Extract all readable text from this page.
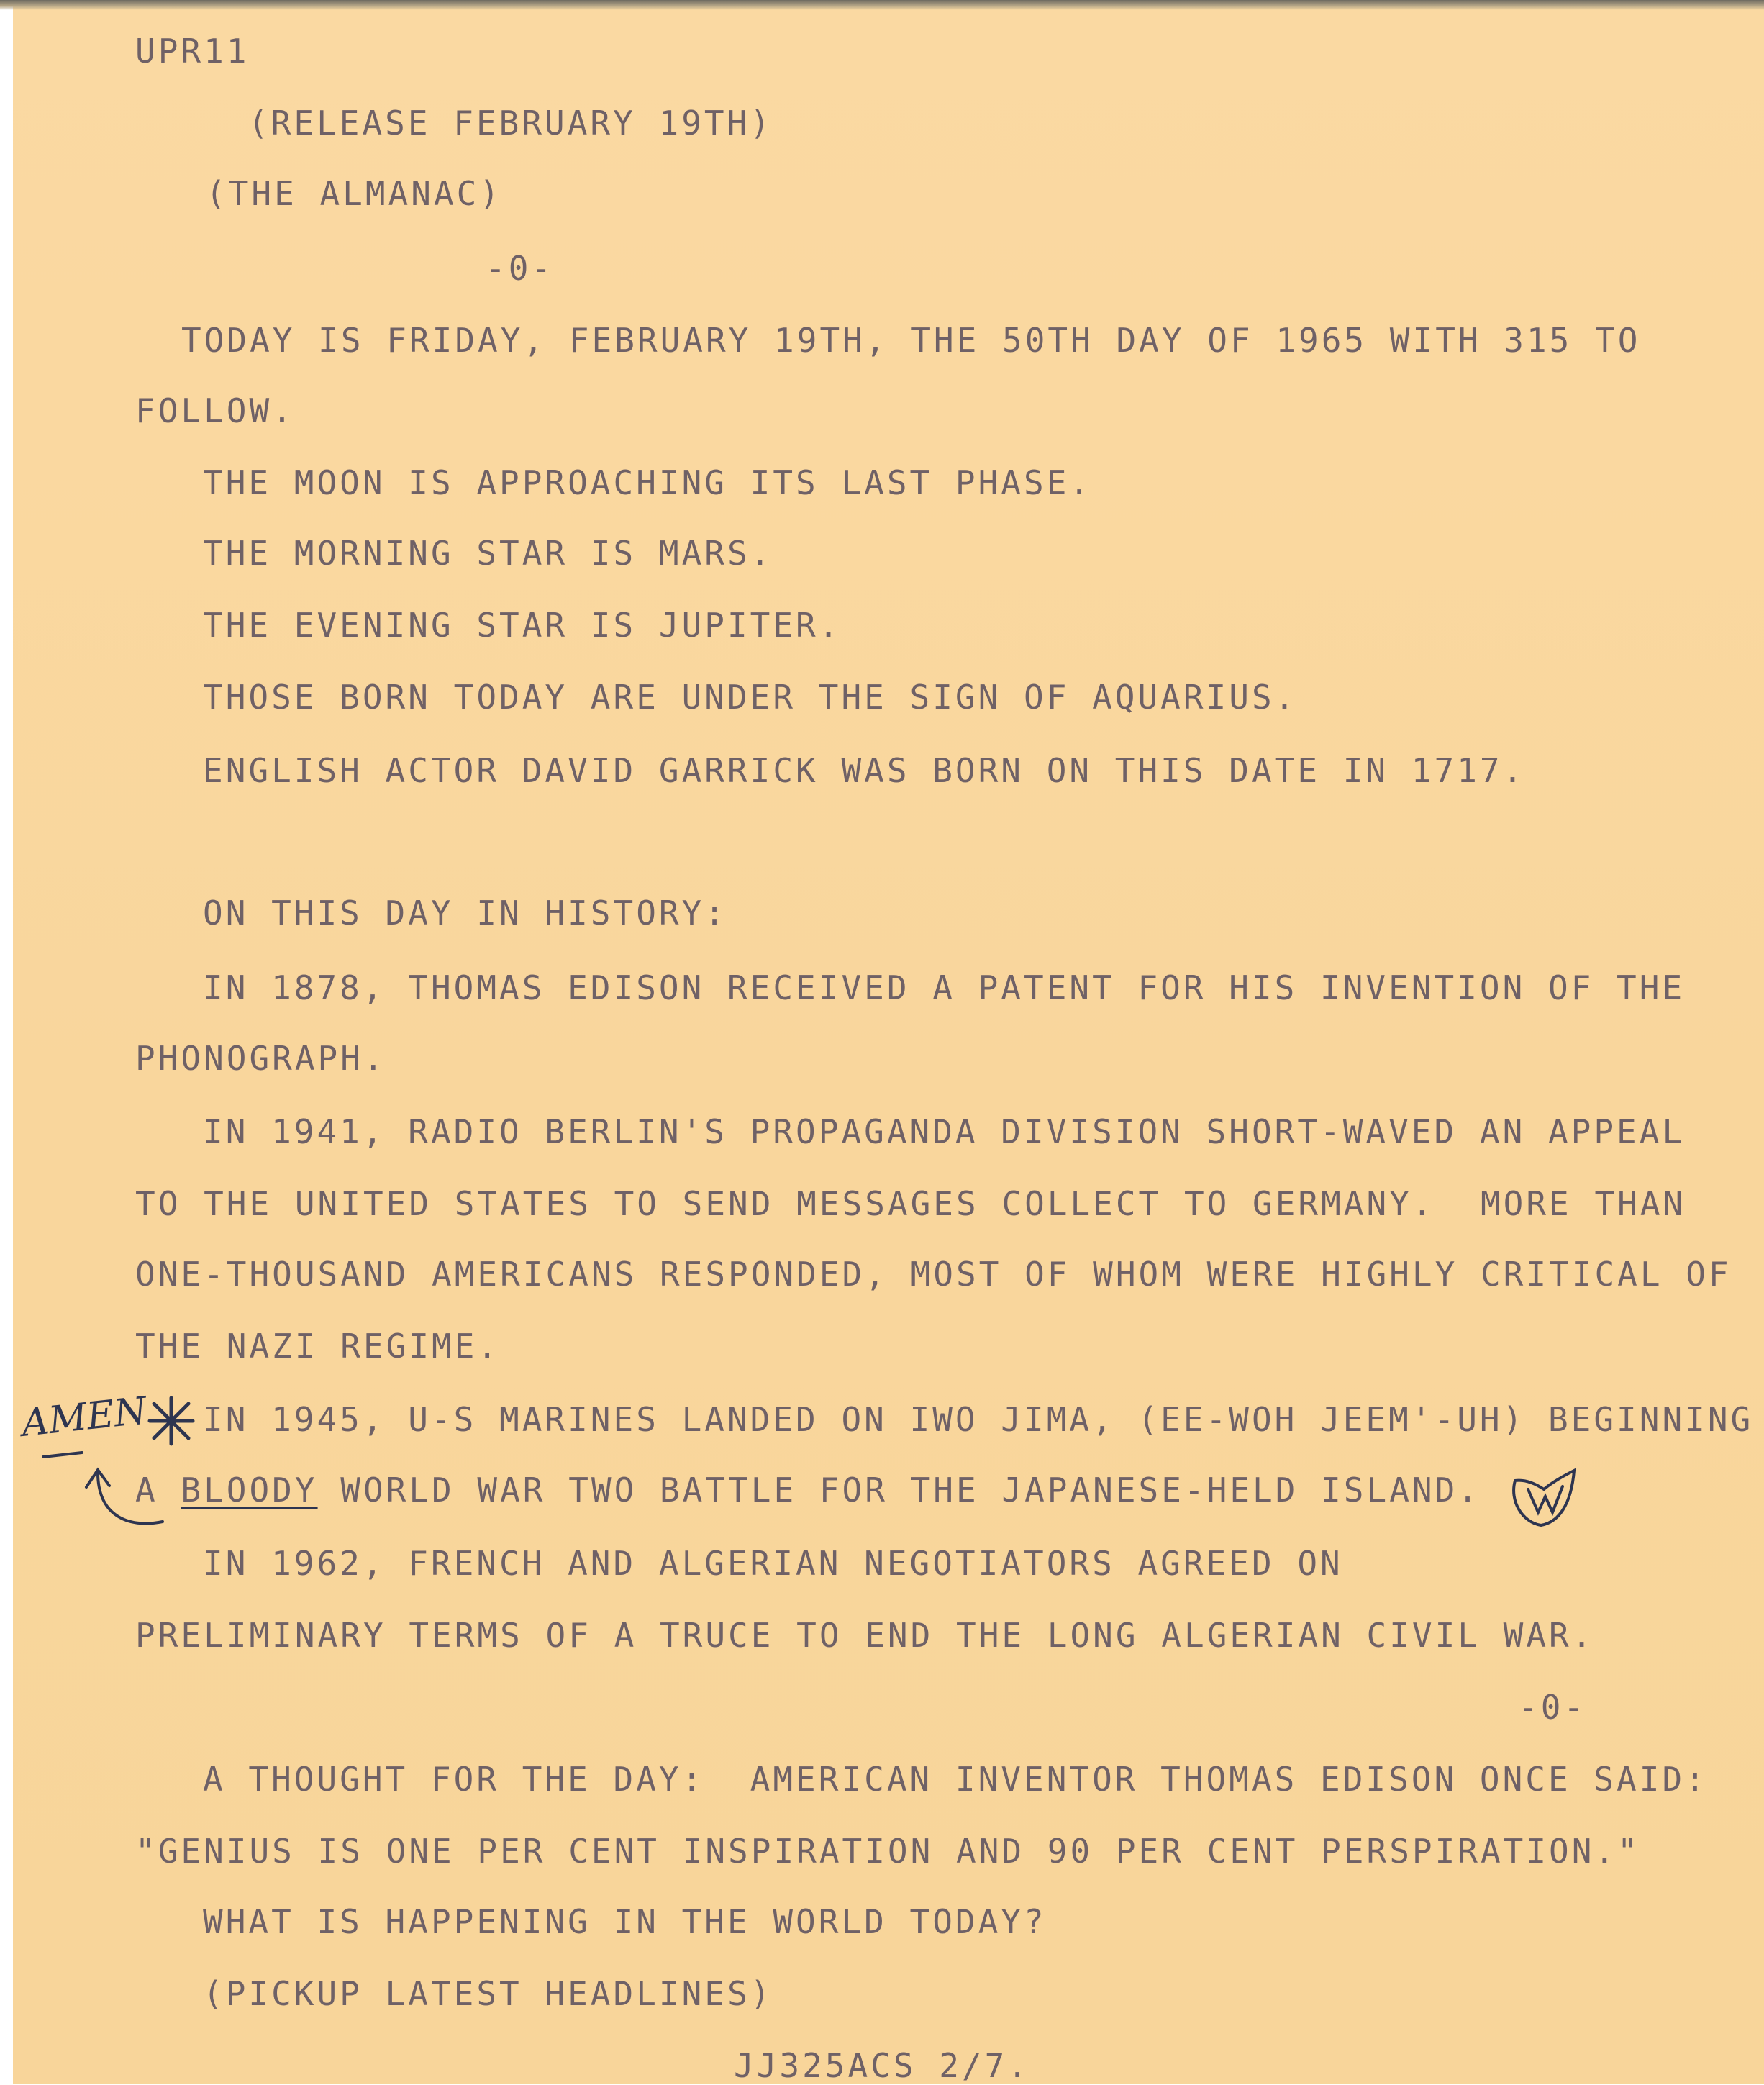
UPR11
(RELEASE FEBRUARY 19TH)
(THE ALMANAC)
-0-
TODAY IS FRIDAY, FEBRUARY 19TH, THE 50TH DAY OF 1965 WITH 315 TO
FOLLOW.
THE MOON IS APPROACHING ITS LAST PHASE.
THE MORNING STAR IS MARS.
THE EVENING STAR IS JUPITER.
THOSE BORN TODAY ARE UNDER THE SIGN OF AQUARIUS.
ENGLISH ACTOR DAVID GARRICK WAS BORN ON THIS DATE IN 1717.
ON THIS DAY IN HISTORY:
IN 1878, THOMAS EDISON RECEIVED A PATENT FOR HIS INVENTION OF THE
PHONOGRAPH.
IN 1941, RADIO BERLIN'S PROPAGANDA DIVISION SHORT-WAVED AN APPEAL
TO THE UNITED STATES TO SEND MESSAGES COLLECT TO GERMANY.  MORE THAN
ONE-THOUSAND AMERICANS RESPONDED, MOST OF WHOM WERE HIGHLY CRITICAL OF
THE NAZI REGIME.
IN 1945, U-S MARINES LANDED ON IWO JIMA, (EE-WOH JEEM'-UH) BEGINNING
A BLOODY WORLD WAR TWO BATTLE FOR THE JAPANESE-HELD ISLAND.
IN 1962, FRENCH AND ALGERIAN NEGOTIATORS AGREED ON
PRELIMINARY TERMS OF A TRUCE TO END THE LONG ALGERIAN CIVIL WAR.
-0-
A THOUGHT FOR THE DAY:  AMERICAN INVENTOR THOMAS EDISON ONCE SAID:
"GENIUS IS ONE PER CENT INSPIRATION AND 90 PER CENT PERSPIRATION."
WHAT IS HAPPENING IN THE WORLD TODAY?
(PICKUP LATEST HEADLINES)
JJ325ACS 2/7.
AMEN
